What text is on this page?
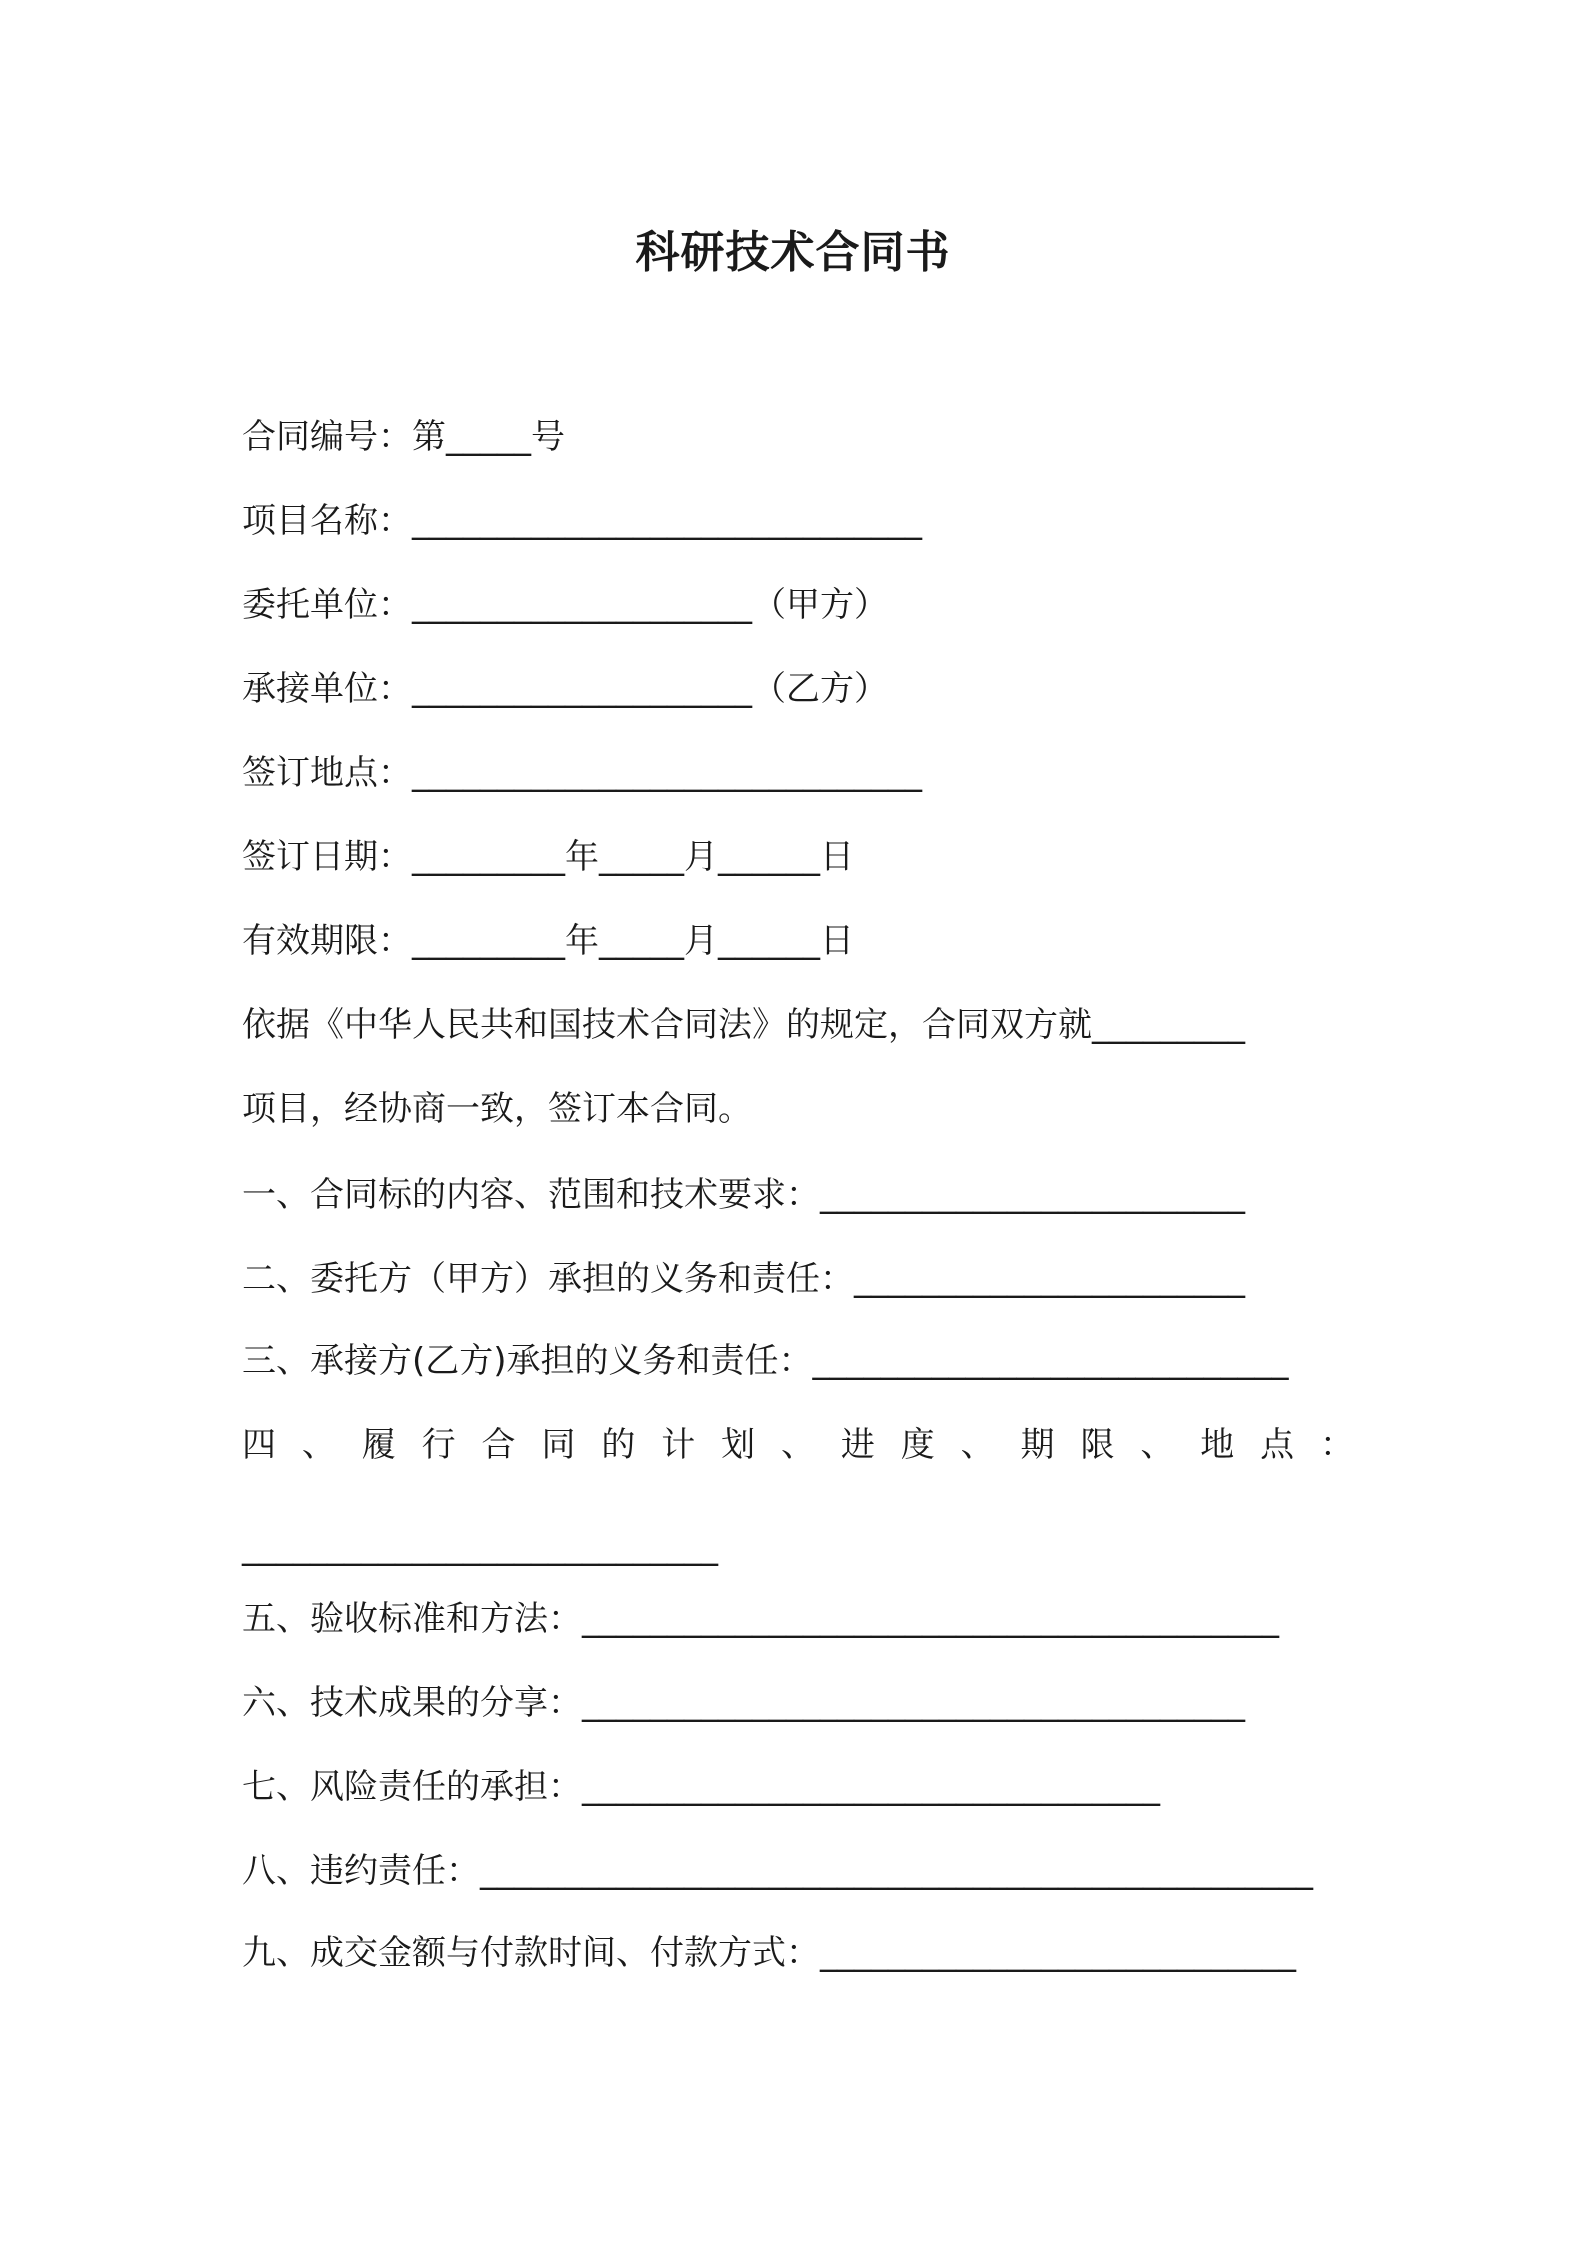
科研技术合同书
合同编号：第_____号
项目名称：______________________________
委托单位：____________________（甲方）
承接单位：____________________（乙方）
签订地点：______________________________
签订日期：_________年_____月______日
有效期限：_________年_____月______日
依据《中华人民共和国技术合同法》的规定，合同双方就_________
项目，经协商一致，签订本合同。
一、合同标的内容、范围和技术要求：_________________________
二、委托方（甲方）承担的义务和责任：_______________________
三、承接方(乙方)承担的义务和责任：____________________________
四  、  履  行  合  同  的  计  划  、  进  度  、  期  限  、  地  点  ：
____________________________
五、验收标准和方法：_________________________________________
六、技术成果的分享：_______________________________________
七、风险责任的承担：__________________________________
八、违约责任：_________________________________________________
九、成交金额与付款时间、付款方式：____________________________
